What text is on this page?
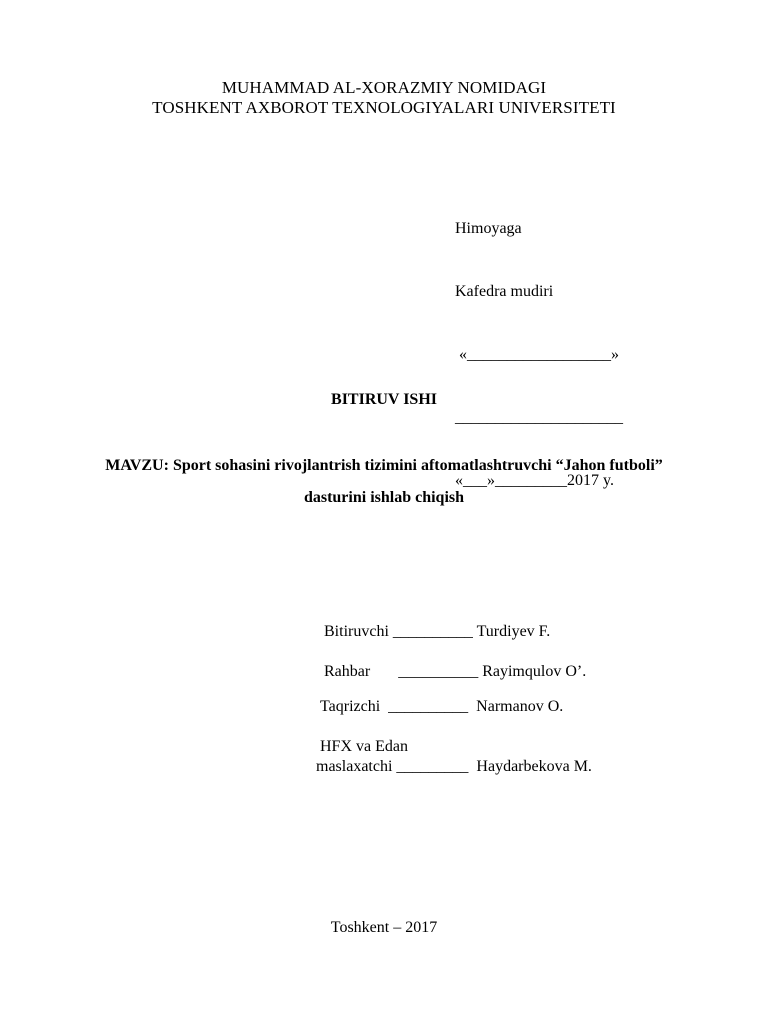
MUHAMMAD AL-XORAZMIY NOMIDAGI
TOSHKENT AXBOROT TEXNOLOGIYALARI UNIVERSITETI

Himoyaga

Kafedra mudiri

«__________________»

_____________________

«___»_________2017 y.

BITIRUV ISHI
MAVZU: Sport sohasini rivojlantrish tizimini aftomatlashtruvchi “Jahon futboli” dasturini ishlab chiqish
Bitiruvchi __________ Turdiyev F.
Rahbar       __________ Rayimqulov O’.
Taqrizchi  __________  Narmanov O.
HFX va Edan
maslaxatchi _________  Haydarbekova M.
Toshkent – 2017
